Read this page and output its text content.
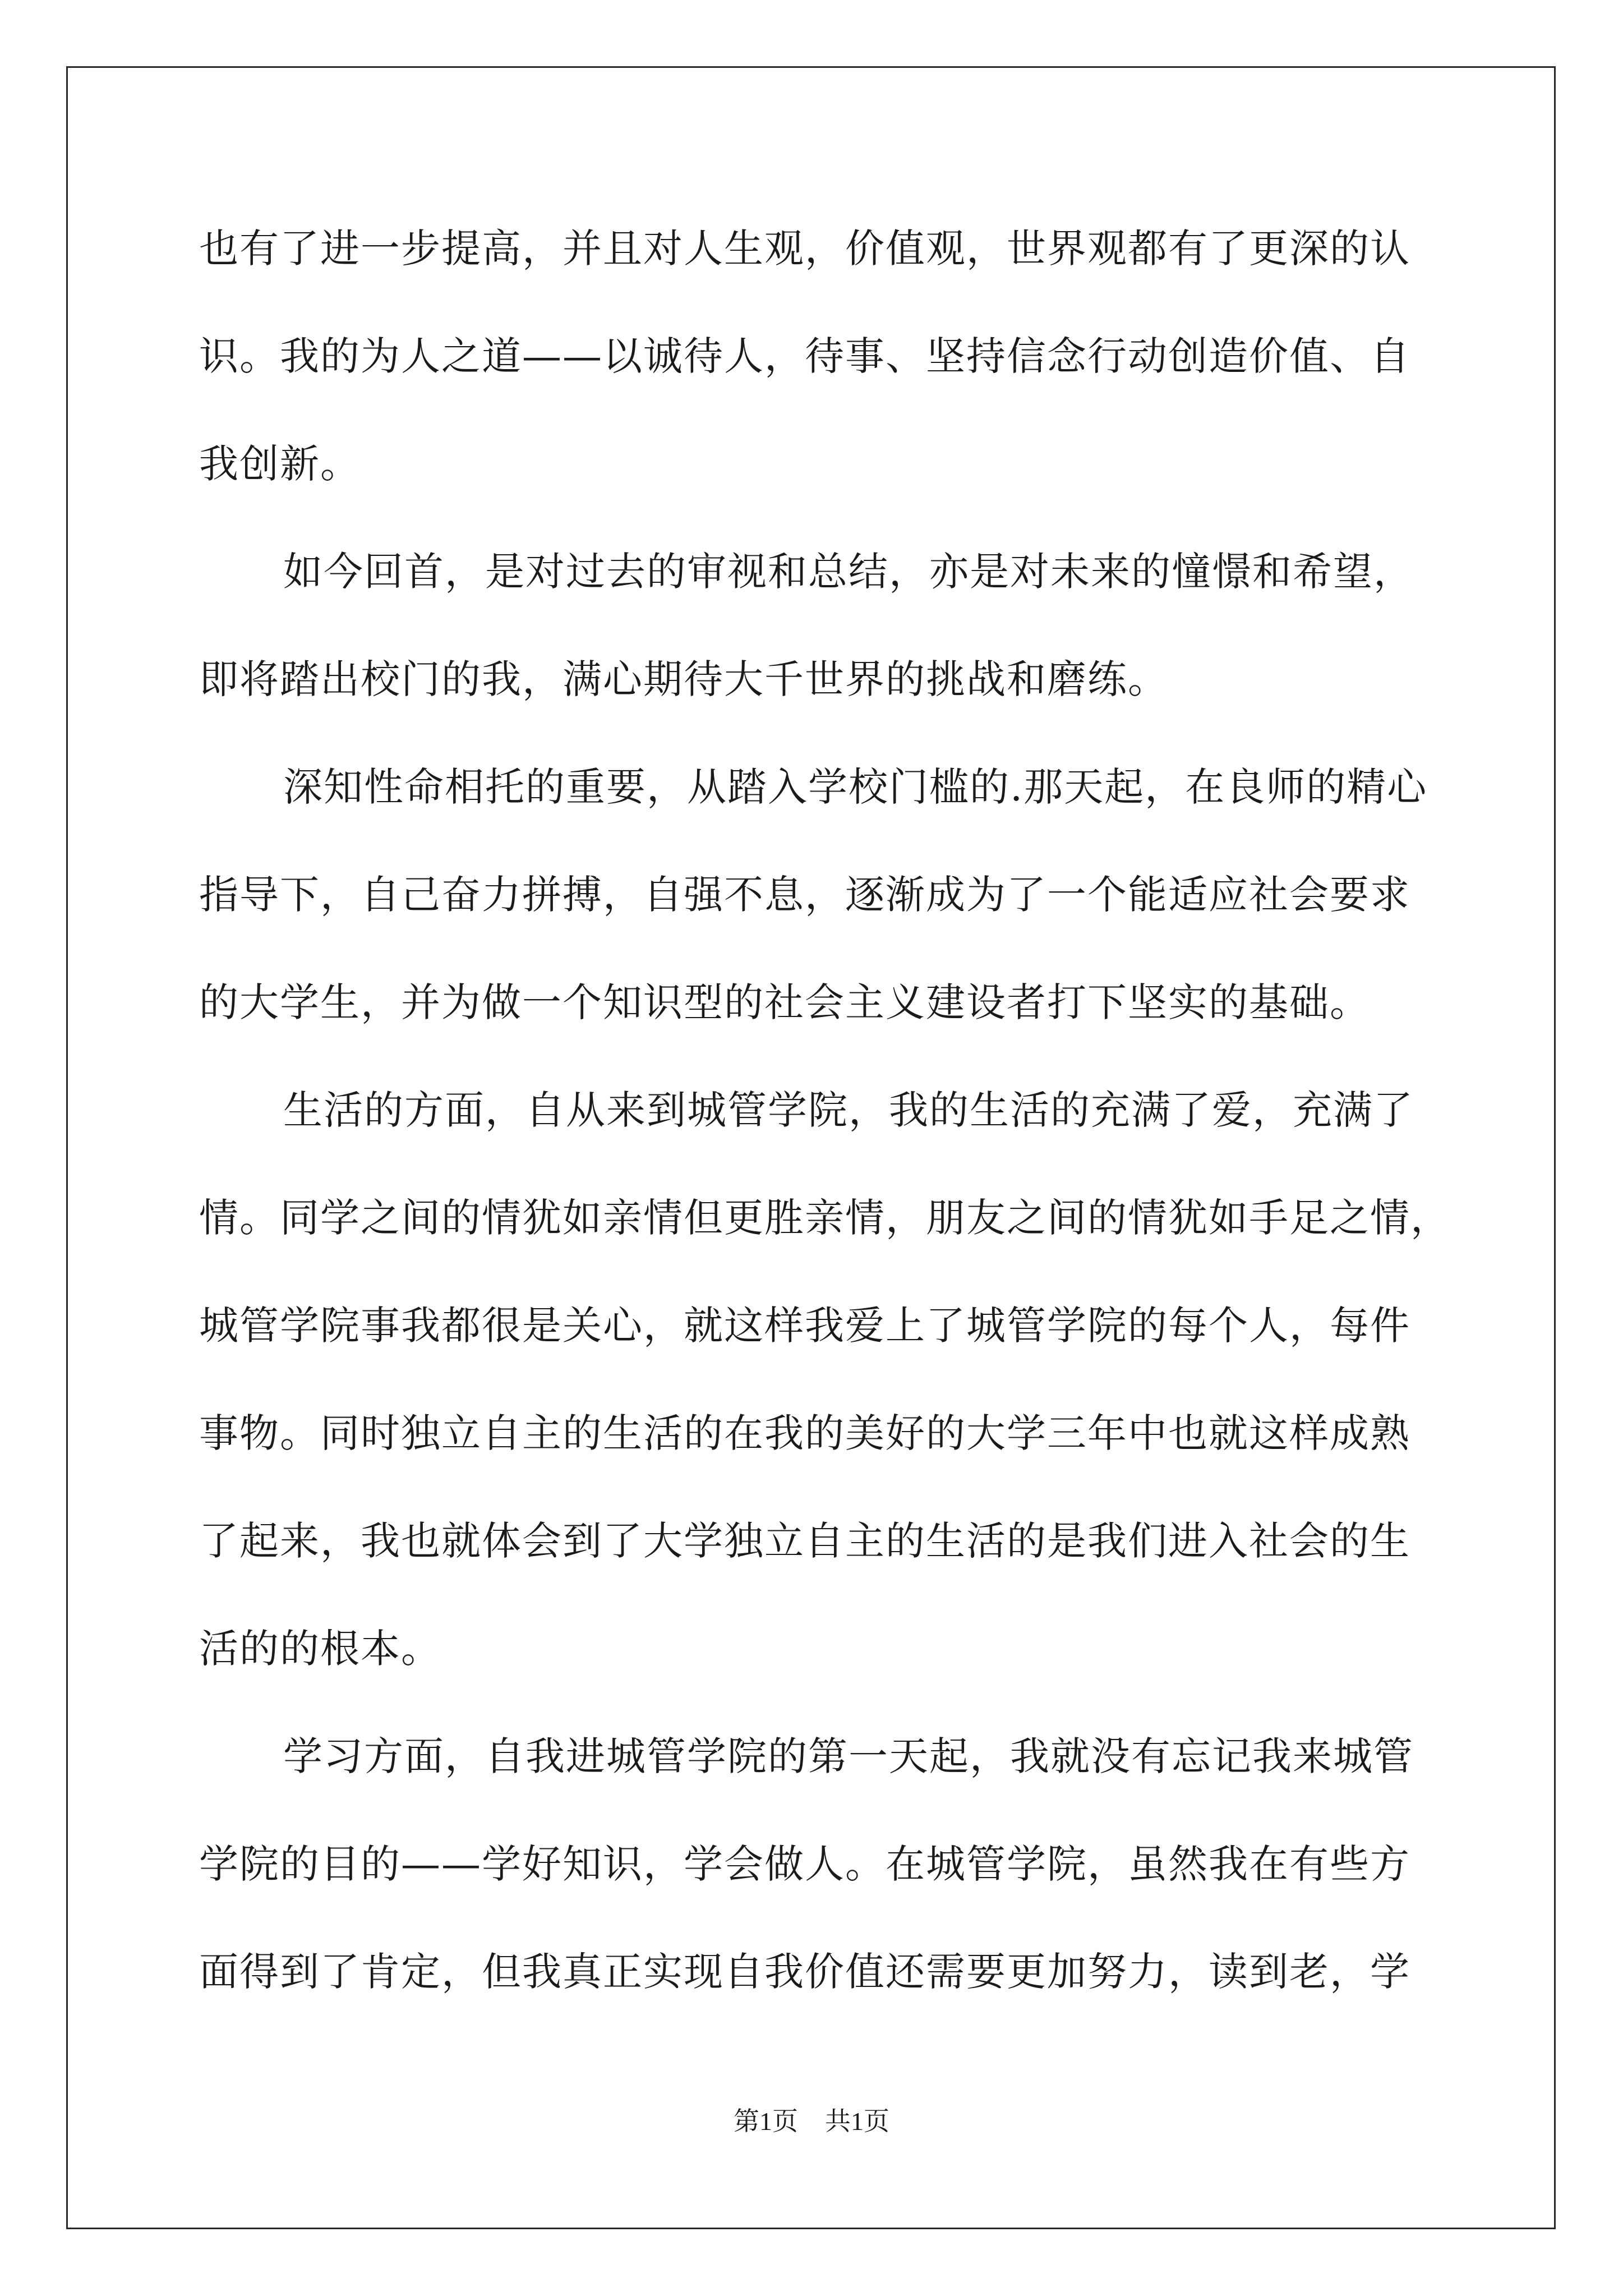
也有了进一步提高，并且对人生观，价值观，世界观都有了更深的认
识。我的为人之道——以诚待人，待事、坚持信念行动创造价值、自
我创新。
如今回首，是对过去的审视和总结，亦是对未来的憧憬和希望，
即将踏出校门的我，满心期待大千世界的挑战和磨练。
深知性命相托的重要，从踏入学校门槛的.那天起，在良师的精心
指导下，自己奋力拼搏，自强不息，逐渐成为了一个能适应社会要求
的大学生，并为做一个知识型的社会主义建设者打下坚实的基础。
生活的方面，自从来到城管学院，我的生活的充满了爱，充满了
情。同学之间的情犹如亲情但更胜亲情，朋友之间的情犹如手足之情，
城管学院事我都很是关心，就这样我爱上了城管学院的每个人，每件
事物。同时独立自主的生活的在我的美好的大学三年中也就这样成熟
了起来，我也就体会到了大学独立自主的生活的是我们进入社会的生
活的的根本。
学习方面，自我进城管学院的第一天起，我就没有忘记我来城管
学院的目的——学好知识，学会做人。在城管学院，虽然我在有些方
面得到了肯定，但我真正实现自我价值还需要更加努力，读到老，学
第1页 共1页
